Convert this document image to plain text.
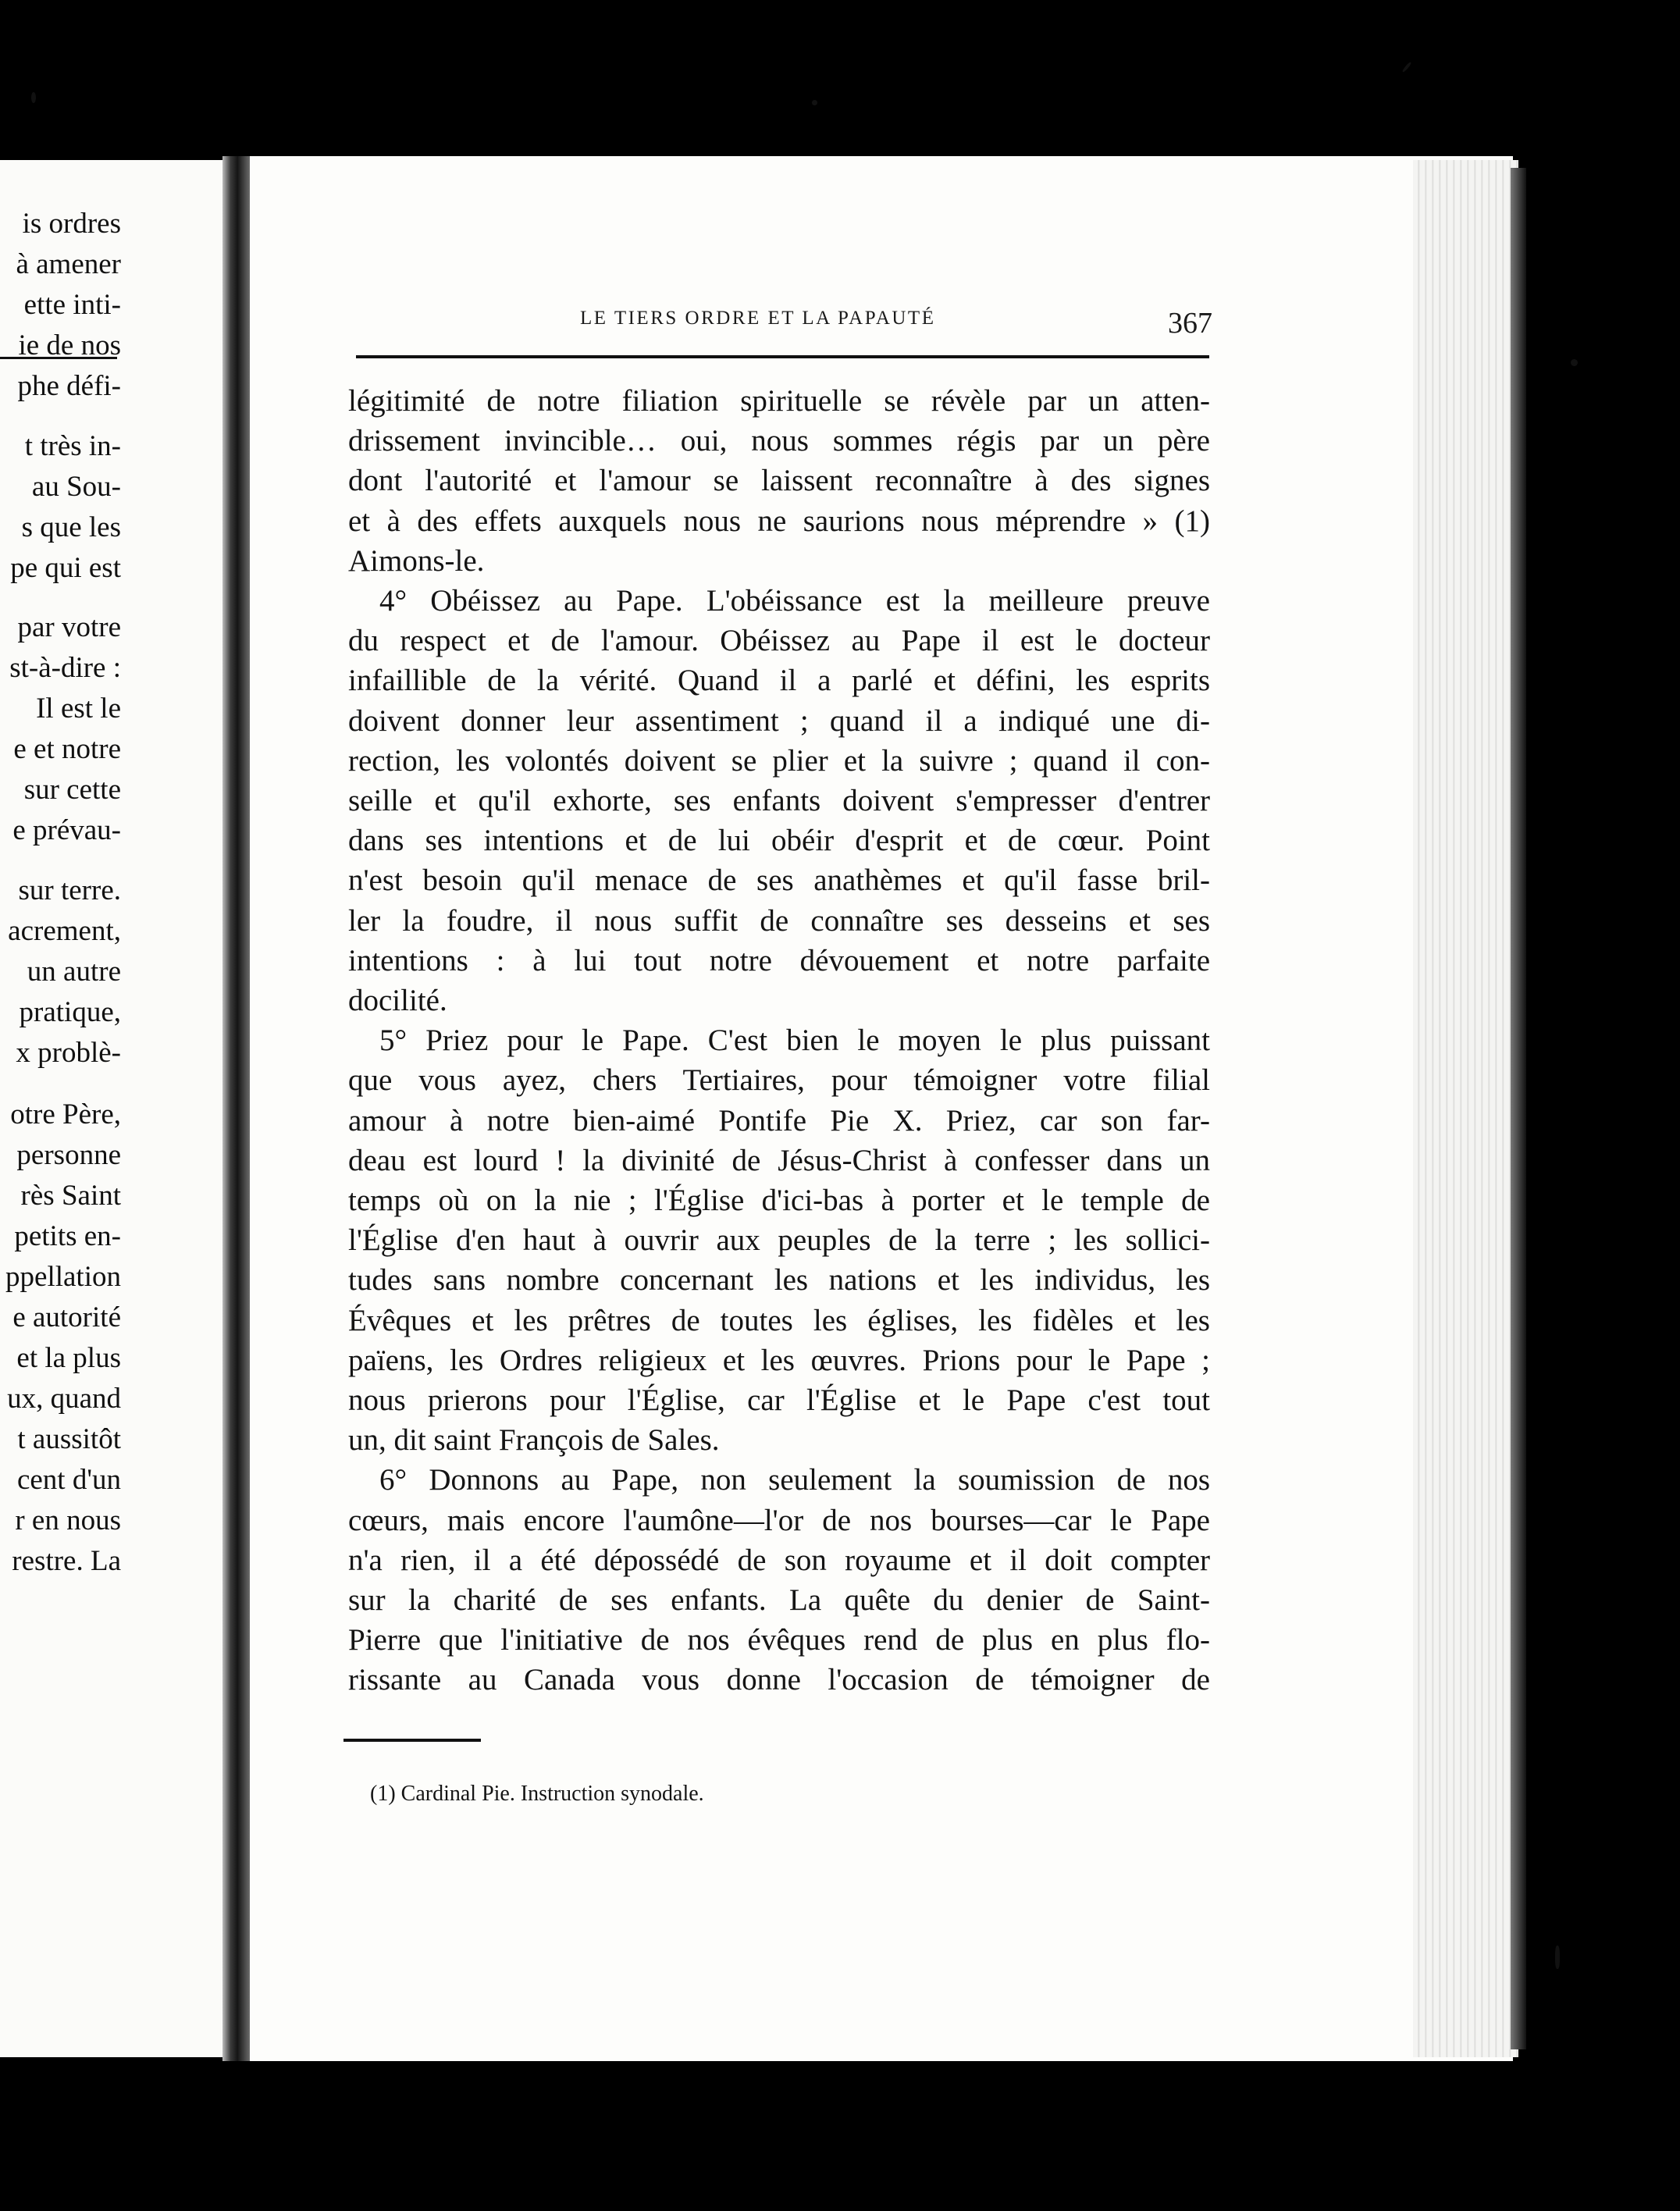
is ordres
à amener
ette inti-
ie de nos
phe défi-
t très in-
au Sou-
s que les
pe qui est
par votre
st-à-dire :
Il est le
e et notre
sur cette
e prévau-
sur terre.
acrement,
un autre
pratique,
x problè-
otre Père,
personne
rès Saint
petits en-
ppellation
e autorité
et la plus
ux, quand
t aussitôt
cent d'un
r en nous
restre. La
LE TIERS ORDRE ET LA PAPAUTÉ	367
légitimité de notre filiation spirituelle se révèle par un atten-
drissement invincible… oui, nous sommes régis par un père
dont l'autorité et l'amour se laissent reconnaître à des signes
et à des effets auxquels nous ne saurions nous méprendre » (1)
Aimons-le.
4° Obéissez au Pape. L'obéissance est la meilleure preuve
du respect et de l'amour. Obéissez au Pape il est le docteur
infaillible de la vérité. Quand il a parlé et défini, les esprits
doivent donner leur assentiment ; quand il a indiqué une di-
rection, les volontés doivent se plier et la suivre ; quand il con-
seille et qu'il exhorte, ses enfants doivent s'empresser d'entrer
dans ses intentions et de lui obéir d'esprit et de cœur. Point
n'est besoin qu'il menace de ses anathèmes et qu'il fasse bril-
ler la foudre, il nous suffit de connaître ses desseins et ses
intentions : à lui tout notre dévouement et notre parfaite
docilité.
5° Priez pour le Pape. C'est bien le moyen le plus puissant
que vous ayez, chers Tertiaires, pour témoigner votre filial
amour à notre bien-aimé Pontife Pie X. Priez, car son far-
deau est lourd ! la divinité de Jésus-Christ à confesser dans un
temps où on la nie ; l'Église d'ici-bas à porter et le temple de
l'Église d'en haut à ouvrir aux peuples de la terre ; les sollici-
tudes sans nombre concernant les nations et les individus, les
Évêques et les prêtres de toutes les églises, les fidèles et les
païens, les Ordres religieux et les œuvres. Prions pour le Pape ;
nous prierons pour l'Église, car l'Église et le Pape c'est tout
un, dit saint François de Sales.
6° Donnons au Pape, non seulement la soumission de nos
cœurs, mais encore l'aumône—l'or de nos bourses—car le Pape
n'a rien, il a été dépossédé de son royaume et il doit compter
sur la charité de ses enfants. La quête du denier de Saint-
Pierre que l'initiative de nos évêques rend de plus en plus flo-
rissante au Canada vous donne l'occasion de témoigner de
(1) Cardinal Pie. Instruction synodale.
